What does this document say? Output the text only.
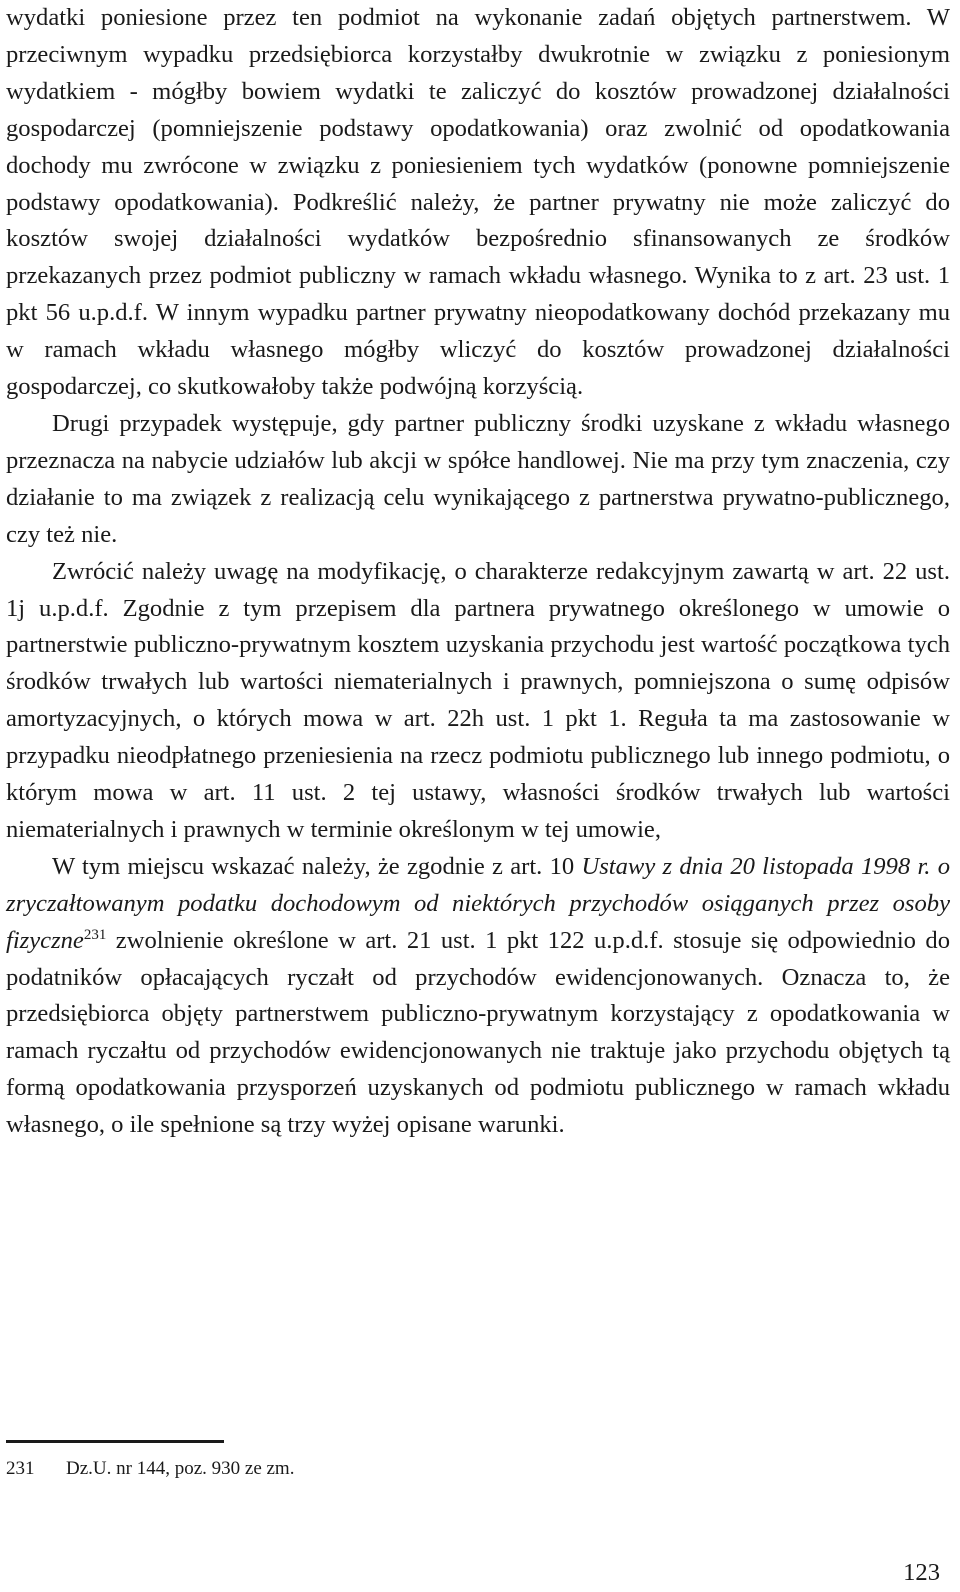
wydatki poniesione przez ten podmiot na wykonanie zadań objętych partnerstwem. W przeciwnym wypadku przedsiębiorca korzystałby dwukrotnie w związku z poniesionym wydatkiem - mógłby bowiem wydatki te zaliczyć do kosztów prowadzonej działalności gospodarczej (pomniejszenie podstawy opodatkowania) oraz zwolnić od opodatkowania dochody mu zwrócone w związku z poniesieniem tych wydatków (ponowne pomniejszenie podstawy opodatkowania). Podkreślić należy, że partner prywatny nie może zaliczyć do kosztów swojej działalności wydatków bezpośrednio sfinansowanych ze środków przekazanych przez podmiot publiczny w ramach wkładu własnego. Wynika to z art. 23 ust. 1 pkt 56 u.p.d.f. W innym wypadku partner prywatny nieopodatkowany dochód przekazany mu w ramach wkładu własnego mógłby wliczyć do kosztów prowadzonej działalności gospodarczej, co skutkowałoby także podwójną korzyścią.

Drugi przypadek występuje, gdy partner publiczny środki uzyskane z wkładu własnego przeznacza na nabycie udziałów lub akcji w spółce handlowej. Nie ma przy tym znaczenia, czy działanie to ma związek z realizacją celu wynikającego z partnerstwa prywatno-publicznego, czy też nie.

Zwrócić należy uwagę na modyfikację, o charakterze redakcyjnym zawartą w art. 22 ust. 1j u.p.d.f. Zgodnie z tym przepisem dla partnera prywatnego określonego w umowie o partnerstwie publiczno-prywatnym kosztem uzyskania przychodu jest wartość początkowa tych środków trwałych lub wartości niematerialnych i prawnych, pomniejszona o sumę odpisów amortyzacyjnych, o których mowa w art. 22h ust. 1 pkt 1. Reguła ta ma zastosowanie w przypadku nieodpłatnego przeniesienia na rzecz podmiotu publicznego lub innego podmiotu, o którym mowa w art. 11 ust. 2 tej ustawy, własności środków trwałych lub wartości niematerialnych i prawnych w terminie określonym w tej umowie,

W tym miejscu wskazać należy, że zgodnie z art. 10 Ustawy z dnia 20 listopada 1998 r. o zryczałtowanym podatku dochodowym od niektórych przychodów osiąganych przez osoby fizyczne$^{231}$ zwolnienie określone w art. 21 ust. 1 pkt 122 u.p.d.f. stosuje się odpowiednio do podatników opłacających ryczałt od przychodów ewidencjonowanych. Oznacza to, że przedsiębiorca objęty partnerstwem publiczno-prywatnym korzystający z opodatkowania w ramach ryczałtu od przychodów ewidencjonowanych nie traktuje jako przychodu objętych tą formą opodatkowania przysporzeń uzyskanych od podmiotu publicznego w ramach wkładu własnego, o ile spełnione są trzy wyżej opisane warunki.

231 Dz.U. nr 144, poz. 930 ze zm.
123
